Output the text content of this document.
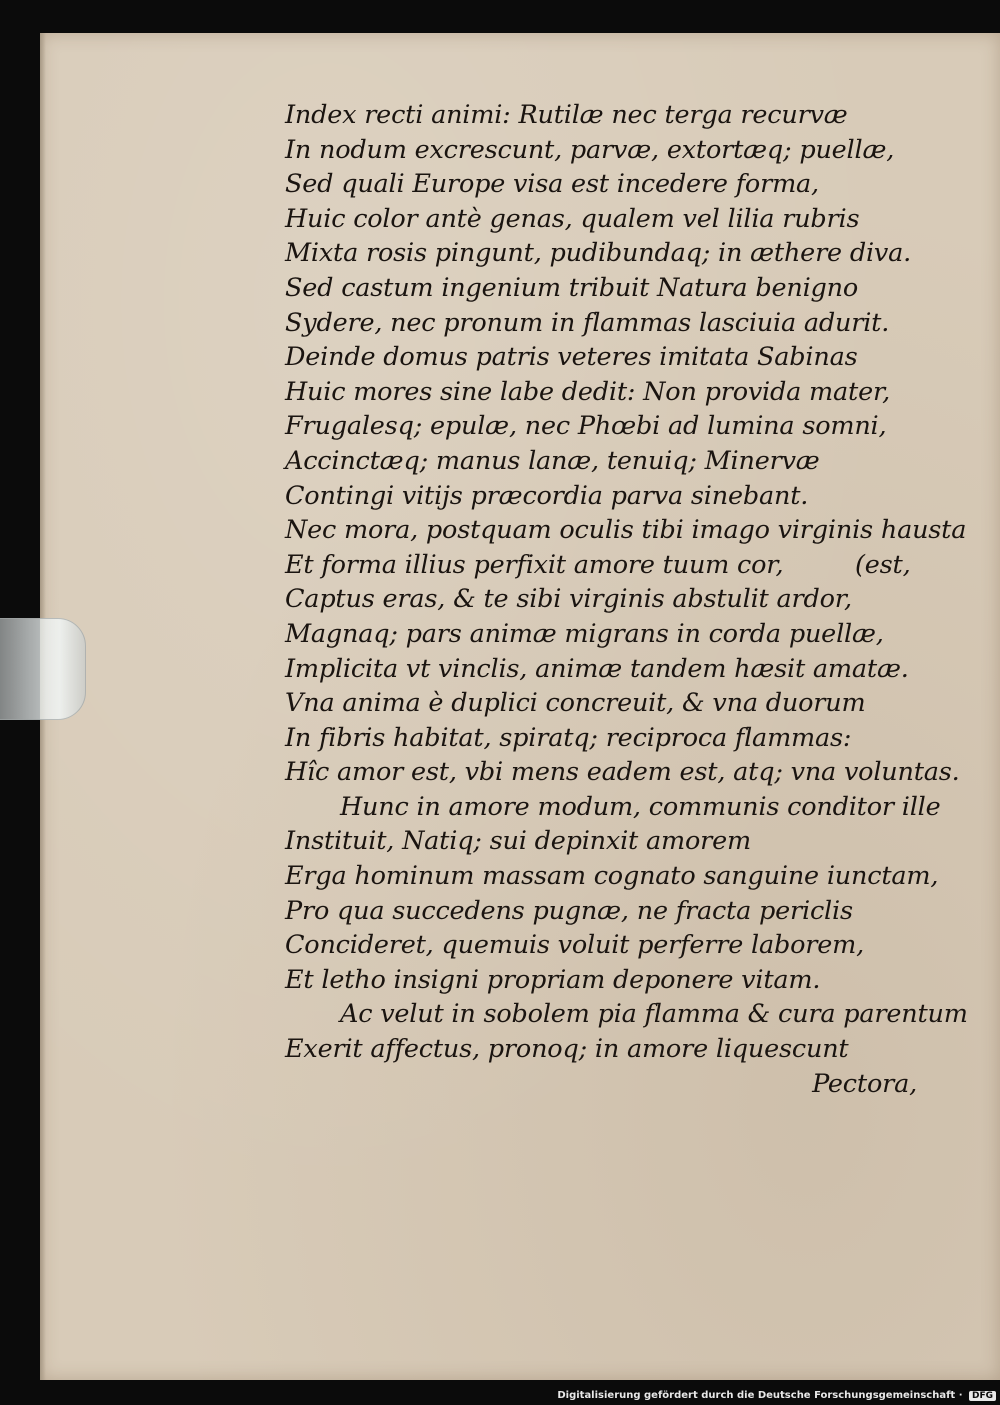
Index recti animi: Rutilæ nec terga recurvæ
In nodum excrescunt, parvæ, extortæq; puellæ,
Sed quali Europe visa est incedere forma,
Huic color antè genas, qualem vel lilia rubris
Mixta rosis pingunt, pudibundaq; in æthere diva.
Sed castum ingenium tribuit Natura benigno
Sydere, nec pronum in flammas lasciuia adurit.
Deinde domus patris veteres imitata Sabinas
Huic mores sine labe dedit: Non provida mater,
Frugalesq; epulæ, nec Phœbi ad lumina somni,
Accinctæq; manus lanæ, tenuiq; Minervæ
Contingi vitijs præcordia parva sinebant.
Nec mora, postquam oculis tibi imago virginis hausta
Et forma illius perfixit amore tuum cor,	(est,
Captus eras, & te sibi virginis abstulit ardor,
Magnaq; pars animæ migrans in corda puellæ,
Implicita vt vinclis, animæ tandem hæsit amatæ.
Vna anima è duplici concreuit, & vna duorum
In fibris habitat, spiratq; reciproca flammas:
Hîc amor est, vbi mens eadem est, atq; vna voluntas.
Hunc in amore modum, communis conditor ille
Instituit, Natiq; sui depinxit amorem
Erga hominum massam cognato sanguine iunctam,
Pro qua succedens pugnæ, ne fracta periclis
Concideret, quemuis voluit perferre laborem,
Et letho insigni propriam deponere vitam.
Ac velut in sobolem pia flamma & cura parentum
Exerit affectus, pronoq; in amore liquescunt
Pectora,
Digitalisierung gefördert durch die Deutsche Forschungsgemeinschaft · DFG
